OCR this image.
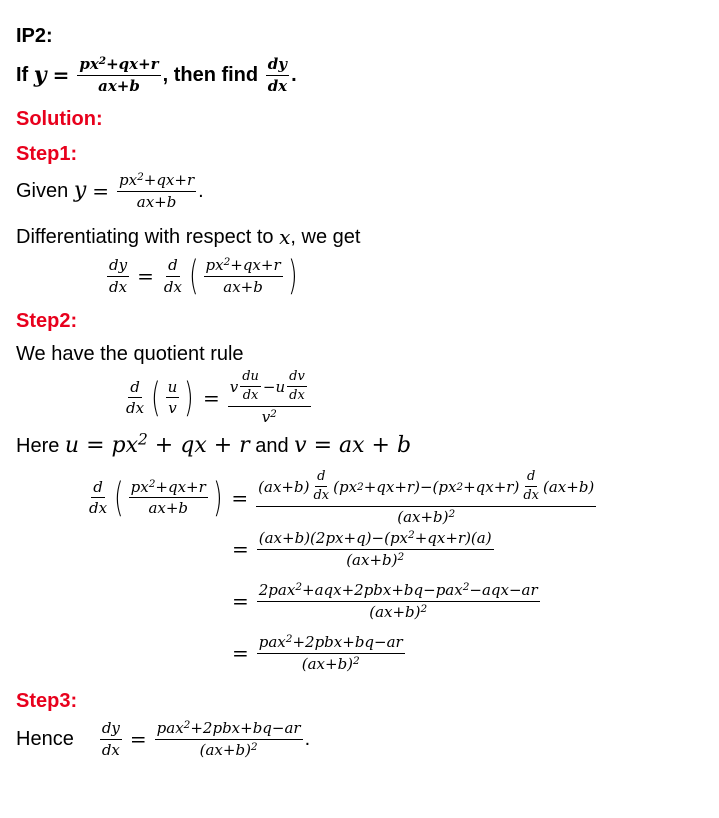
IP2:
If
$y = \frac{px^2+qx+r}{ax+b}$ , then find
$\frac{dy}{dx}$ .
Solution:
Step1:
Given
$y = \frac{px^2+qx+r}{ax+b}$ .
Differentiating with respect to
x , we get
$\frac{dy}{dx} = \frac{d}{dx}$ ( $\frac{px^2+qx+r}{ax+b}$ )
Step2:
We have the quotient rule
$\frac{d}{dx}$ ( $\frac{u}{v}$ ) = $\frac{v \frac{du}{dx} - u \frac{dv}{dx}}{v^2}$
Here
$u = px^2$ + qx + r
and
v = ax + b
$\frac{d}{dx}$ ( $\frac{px^2+qx+r}{ax+b}$ ) = $(ax+b) \frac{d}{dx} (px$ 2 +qx+r)−(px $2 +qx+r) \frac{d}{dx} (ax+b)$
$(ax+b)^2$
= $\frac{(ax+b)(2px+q)-(px^2+qx+r)(a)}{(ax+b)^2}$
= $\frac{2pax^2+aqx+2pbx+bq-pax^2-aqx-ar}{(ax+b)^2}$
= $\frac{pax^2+2pbx+bq-ar}{(ax+b)^2}$
Step3:
Hence $\frac{dy}{dx} = \frac{pax^2+2pbx+bq-ar}{(ax+b)^2}$ .
